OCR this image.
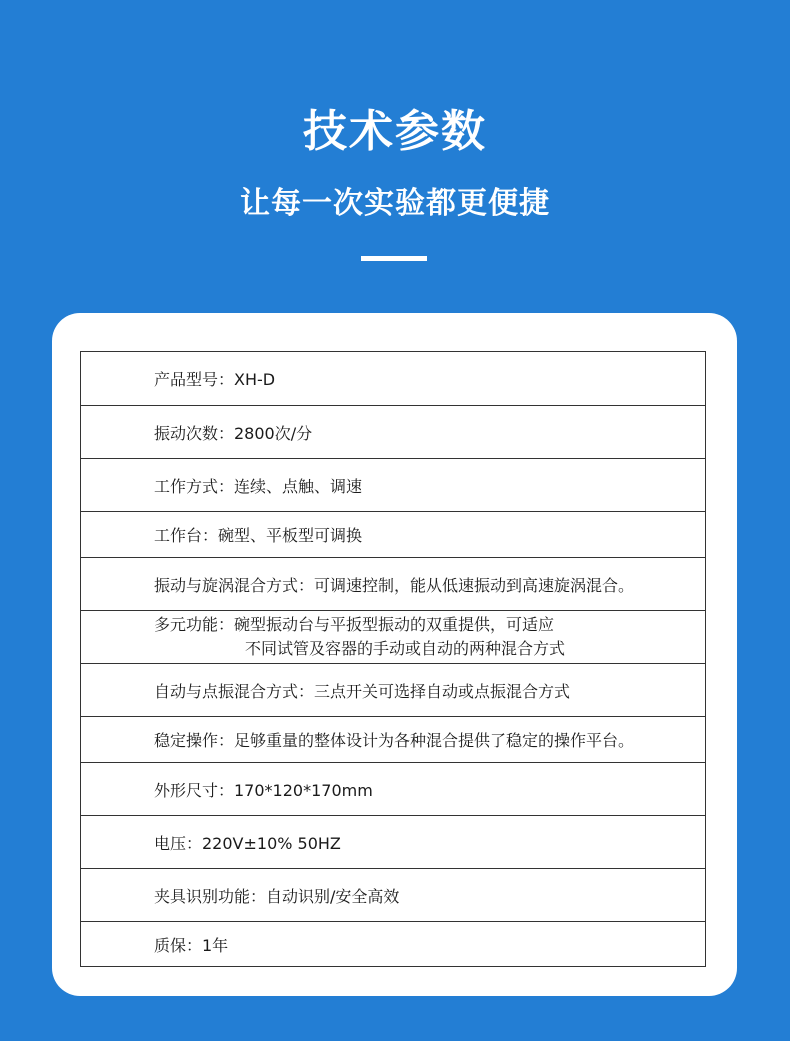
技术参数
让每一次实验都更便捷
产品型号：XH-D
振动次数：2800次/分
工作方式：连续、点触、调速
工作台：碗型、平板型可调换
振动与旋涡混合方式：可调速控制，能从低速振动到高速旋涡混合。
多元功能：碗型振动台与平扳型振动的双重提供，可适应
不同试管及容器的手动或自动的两种混合方式
自动与点振混合方式：三点开关可选择自动或点振混合方式
稳定操作：足够重量的整体设计为各种混合提供了稳定的操作平台。
外形尺寸：170*120*170mm
电压：220V±10% 50HZ
夹具识别功能：自动识别/安全高效
质保：1年
